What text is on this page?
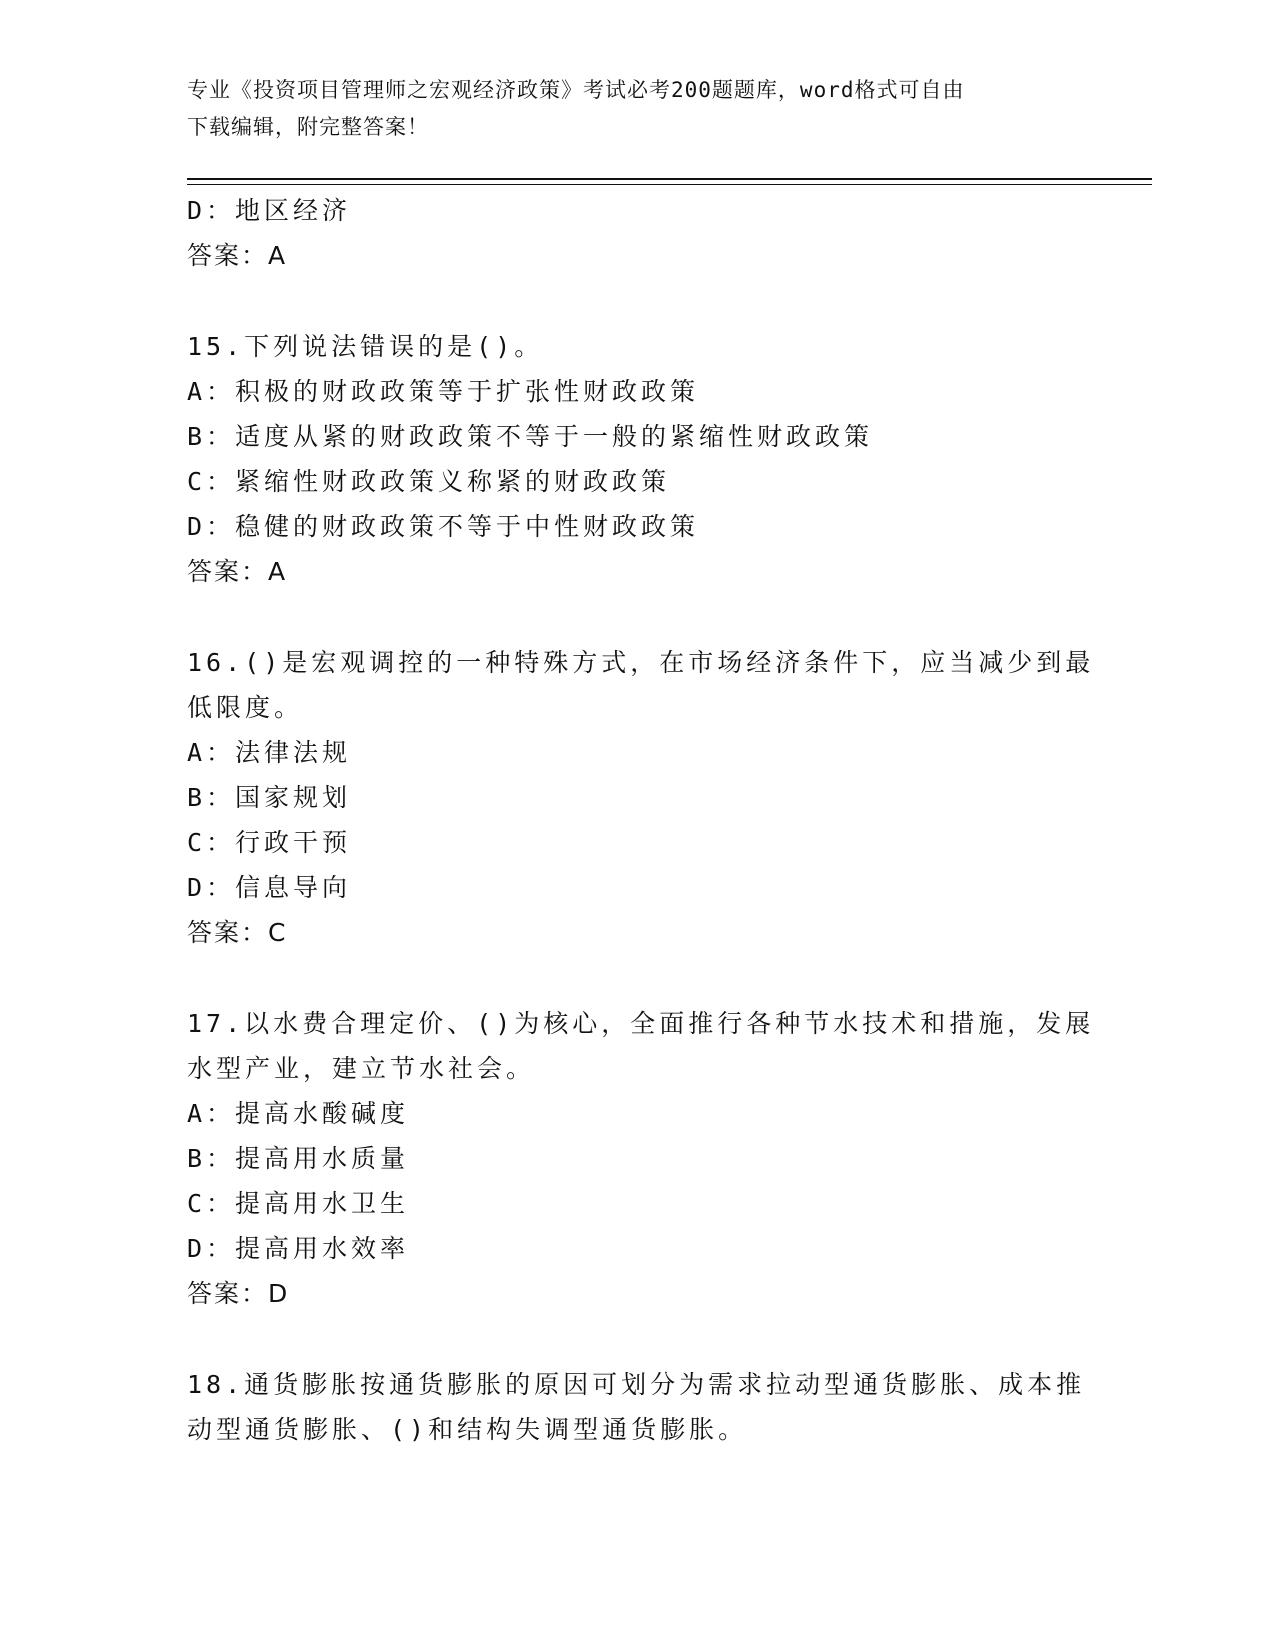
专业《投资项目管理师之宏观经济政策》考试必考200题题库，word格式可自由
下载编辑，附完整答案！
D：地区经济
答案：A
15.下列说法错误的是()。
A：积极的财政政策等于扩张性财政政策
B：适度从紧的财政政策不等于一般的紧缩性财政政策
C：紧缩性财政政策义称紧的财政政策
D：稳健的财政政策不等于中性财政政策
答案：A
16.()是宏观调控的一种特殊方式，在市场经济条件下，应当减少到最
低限度。
A：法律法规
B：国家规划
C：行政干预
D：信息导向
答案：C
17.以水费合理定价、()为核心，全面推行各种节水技术和措施，发展
水型产业，建立节水社会。
A：提高水酸碱度
B：提高用水质量
C：提高用水卫生
D：提高用水效率
答案：D
18.通货膨胀按通货膨胀的原因可划分为需求拉动型通货膨胀、成本推
动型通货膨胀、()和结构失调型通货膨胀。
